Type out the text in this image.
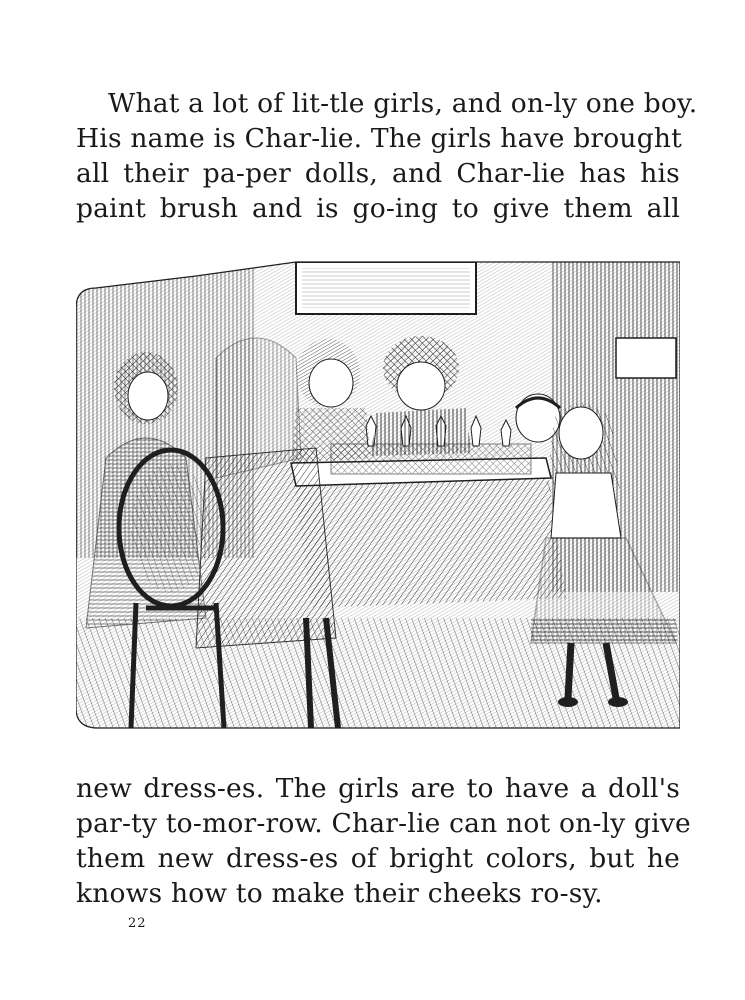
What a lot of lit-tle girls, and on-ly one boy.
His name is Char-lie. The girls have brought
all their pa-per dolls, and Char-lie has his
paint brush and is go-ing to give them all
new dress-es. The girls are to have a doll's
par-ty to-mor-row. Char-lie can not on-ly give
them new dress-es of bright colors, but he
knows how to make their cheeks ro-sy.
22
